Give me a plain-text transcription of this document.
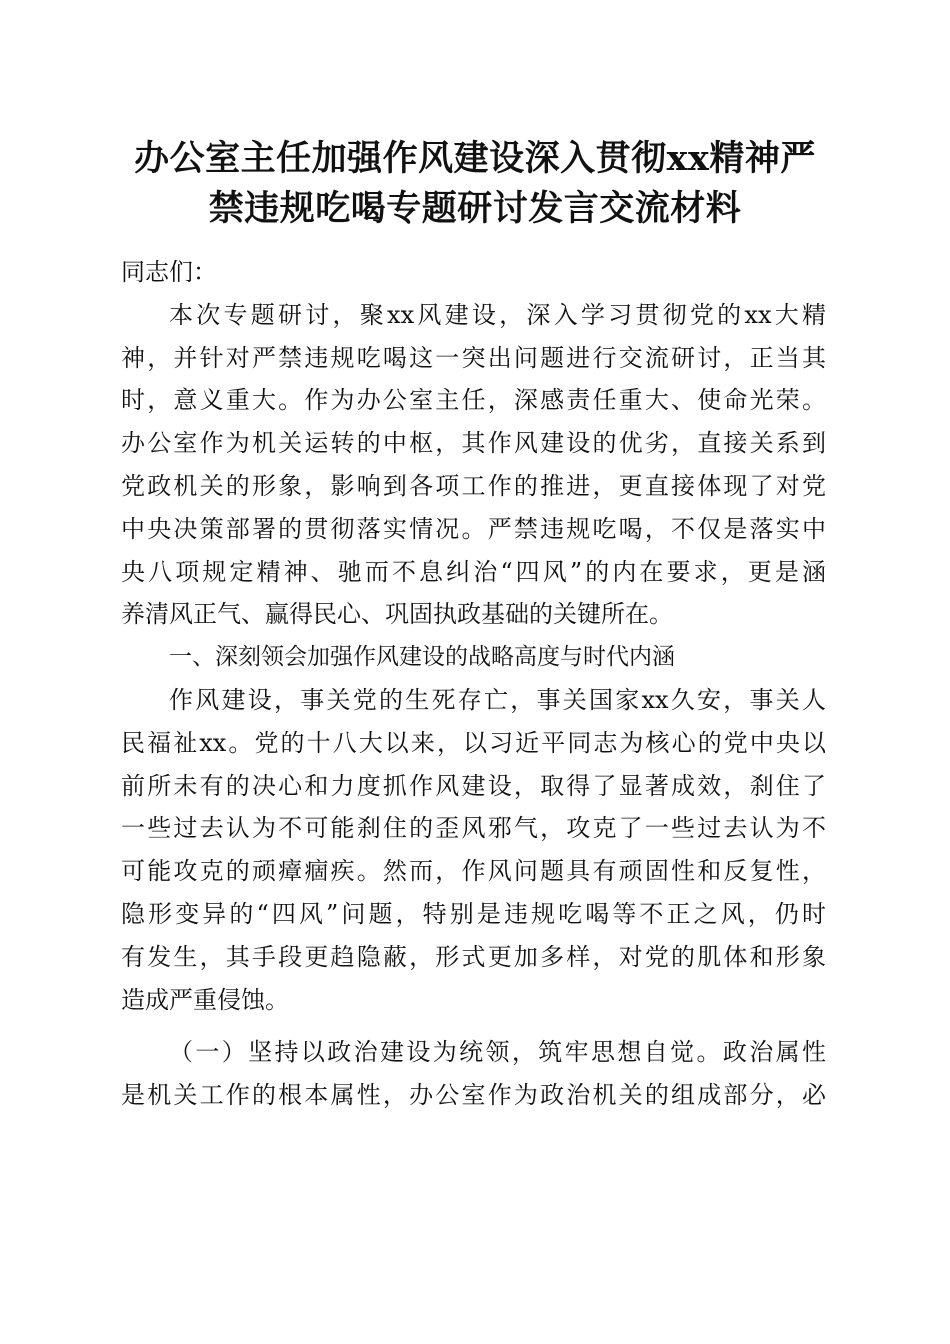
办公室主任加强作风建设深入贯彻xx精神严
禁违规吃喝专题研讨发言交流材料
同志们：
本次专题研讨，聚xx风建设，深入学习贯彻党的xx大精
神，并针对严禁违规吃喝这一突出问题进行交流研讨，正当其
时，意义重大。作为办公室主任，深感责任重大、使命光荣。
办公室作为机关运转的中枢，其作风建设的优劣，直接关系到
党政机关的形象，影响到各项工作的推进，更直接体现了对党
中央决策部署的贯彻落实情况。严禁违规吃喝，不仅是落实中
央八项规定精神、驰而不息纠治“四风”的内在要求，更是涵
养清风正气、赢得民心、巩固执政基础的关键所在。
一、深刻领会加强作风建设的战略高度与时代内涵
作风建设，事关党的生死存亡，事关国家xx久安，事关人
民福祉xx。党的十八大以来，以习近平同志为核心的党中央以
前所未有的决心和力度抓作风建设，取得了显著成效，刹住了
一些过去认为不可能刹住的歪风邪气，攻克了一些过去认为不
可能攻克的顽瘴痼疾。然而，作风问题具有顽固性和反复性，
隐形变异的“四风”问题，特别是违规吃喝等不正之风，仍时
有发生，其手段更趋隐蔽，形式更加多样，对党的肌体和形象
造成严重侵蚀。
（一）坚持以政治建设为统领，筑牢思想自觉。政治属性
是机关工作的根本属性，办公室作为政治机关的组成部分，必
